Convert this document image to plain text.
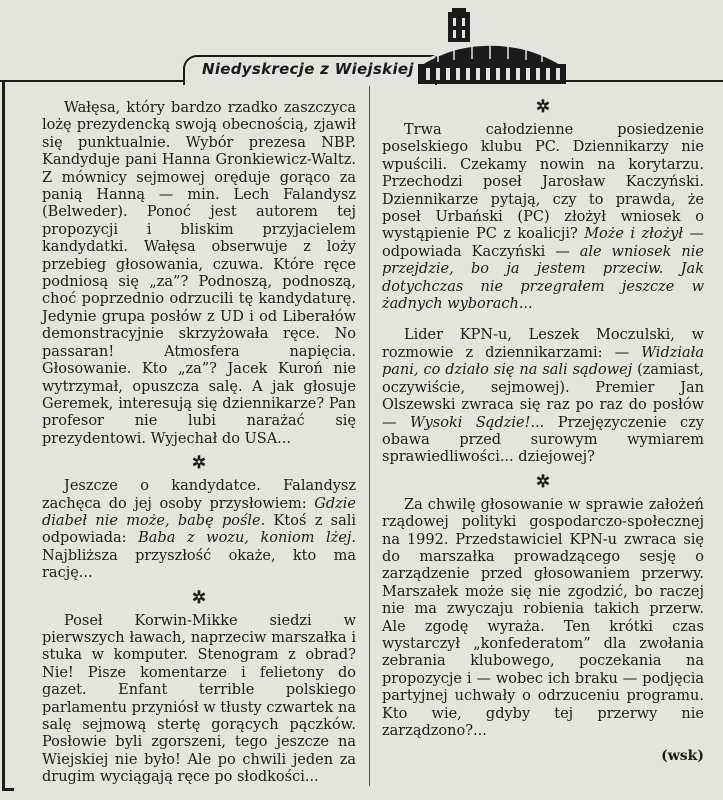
Niedyskrecje z Wiejskiej

Wałęsa, który bardzo rzadko zaszczyca lożę prezydencką swoją obecnością, zjawił się punktualnie. Wybór prezesa NBP. Kandyduje pani Hanna Gronkiewicz-Waltz. Z mównicy sejmowej oręduje gorąco za panią Hanną — min. Lech Falandysz (Belweder). Ponoć jest autorem tej propozycji i bliskim przyjacielem kandydatki. Wałęsa obserwuje z loży przebieg głosowania, czuwa. Które ręce podniosą się „za”? Podnoszą, podnoszą, choć poprzednio odrzucili tę kandydaturę. Jedynie grupa posłów z UD i od Liberałów demonstracyjnie skrzyżowała ręce. No passaran! Atmosfera napięcia. Głosowanie. Kto „za”? Jacek Kuroń nie wytrzymał, opuszcza salę. A jak głosuje Geremek, interesują się dziennikarze? Pan profesor nie lubi narażać się prezydentowi. Wyjechał do USA...

✲

Jeszcze o kandydatce. Falandysz zachęca do jej osoby przysłowiem: Gdzie diabeł nie może, babę pośle. Ktoś z sali odpowiada: Baba z wozu, koniom lżej. Najbliższa przyszłość okaże, kto ma rację...

✲

Poseł Korwin-Mikke siedzi w pierwszych ławach, naprzeciw marszałka i stuka w komputer. Stenogram z obrad? Nie! Pisze komentarze i felietony do gazet. Enfant terrible polskiego parlamentu przyniósł w tłusty czwartek na salę sejmową stertę gorących pączków. Posłowie byli zgorszeni, tego jeszcze na Wiejskiej nie było! Ale po chwili jeden za drugim wyciągają ręce po słodkości...

✲

Trwa całodzienne posiedzenie poselskiego klubu PC. Dziennikarzy nie wpuścili. Czekamy nowin na korytarzu. Przechodzi poseł Jarosław Kaczyński. Dziennikarze pytają, czy to prawda, że poseł Urbański (PC) złożył wniosek o wystąpienie PC z koalicji? Może i złożył — odpowiada Kaczyński — ale wniosek nie przejdzie, bo ja jestem przeciw. Jak dotychczas nie przegrałem jeszcze w żadnych wyborach...

Lider KPN-u, Leszek Moczulski, w rozmowie z dziennikarzami: — Widziała pani, co działo się na sali sądowej (zamiast, oczywiście, sejmowej). Premier Jan Olszewski zwraca się raz po raz do posłów — Wysoki Sądzie!... Przejęzyczenie czy obawa przed surowym wymiarem sprawiedliwości... dziejowej?

✲

Za chwilę głosowanie w sprawie założeń rządowej polityki gospodarczo-społecznej na 1992. Przedstawiciel KPN-u zwraca się do marszałka prowadzącego sesję o zarządzenie przed głosowaniem przerwy. Marszałek może się nie zgodzić, bo raczej nie ma zwyczaju robienia takich przerw. Ale zgodę wyraża. Ten krótki czas wystarczył „konfederatom” dla zwołania zebrania klubowego, poczekania na propozycje i — wobec ich braku — podjęcia partyjnej uchwały o odrzuceniu programu. Kto wie, gdyby tej przerwy nie zarządzono?...

(wsk)
